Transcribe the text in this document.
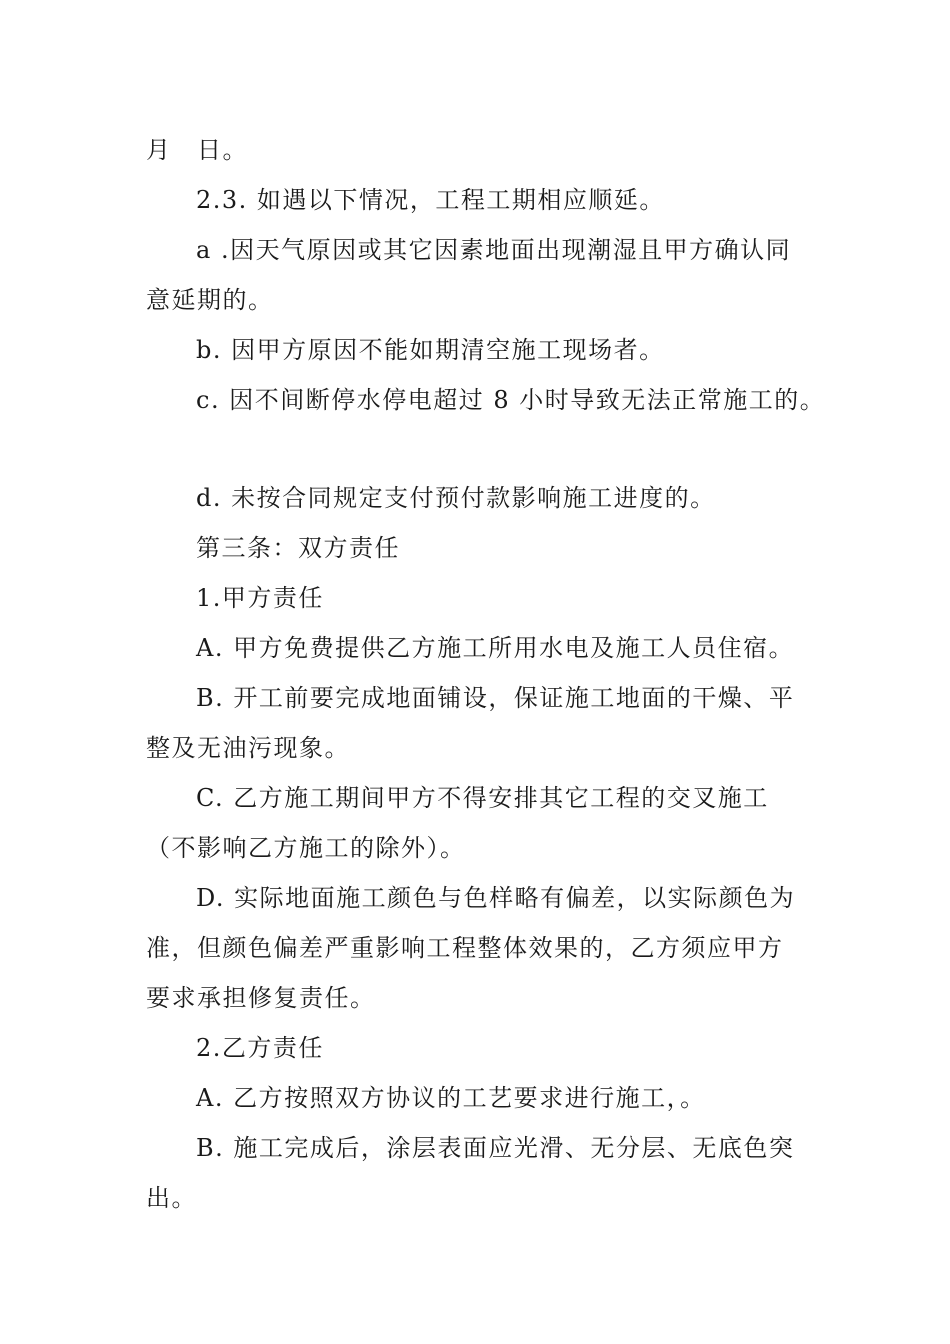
月　日。
2.3. 如遇以下情况，工程工期相应顺延。
a .因天气原因或其它因素地面出现潮湿且甲方确认同
意延期的。
b. 因甲方原因不能如期清空施工现场者。
c. 因不间断停水停电超过 8 小时导致无法正常施工的。
d. 未按合同规定支付预付款影响施工进度的。
第三条：双方责任
1.甲方责任
A. 甲方免费提供乙方施工所用水电及施工人员住宿。
B. 开工前要完成地面铺设，保证施工地面的干燥、平
整及无油污现象。
C. 乙方施工期间甲方不得安排其它工程的交叉施工
（不影响乙方施工的除外）。
D. 实际地面施工颜色与色样略有偏差，以实际颜色为
准，但颜色偏差严重影响工程整体效果的，乙方须应甲方
要求承担修复责任。
2.乙方责任
A. 乙方按照双方协议的工艺要求进行施工，。
B. 施工完成后，涂层表面应光滑、无分层、无底色突
出。
